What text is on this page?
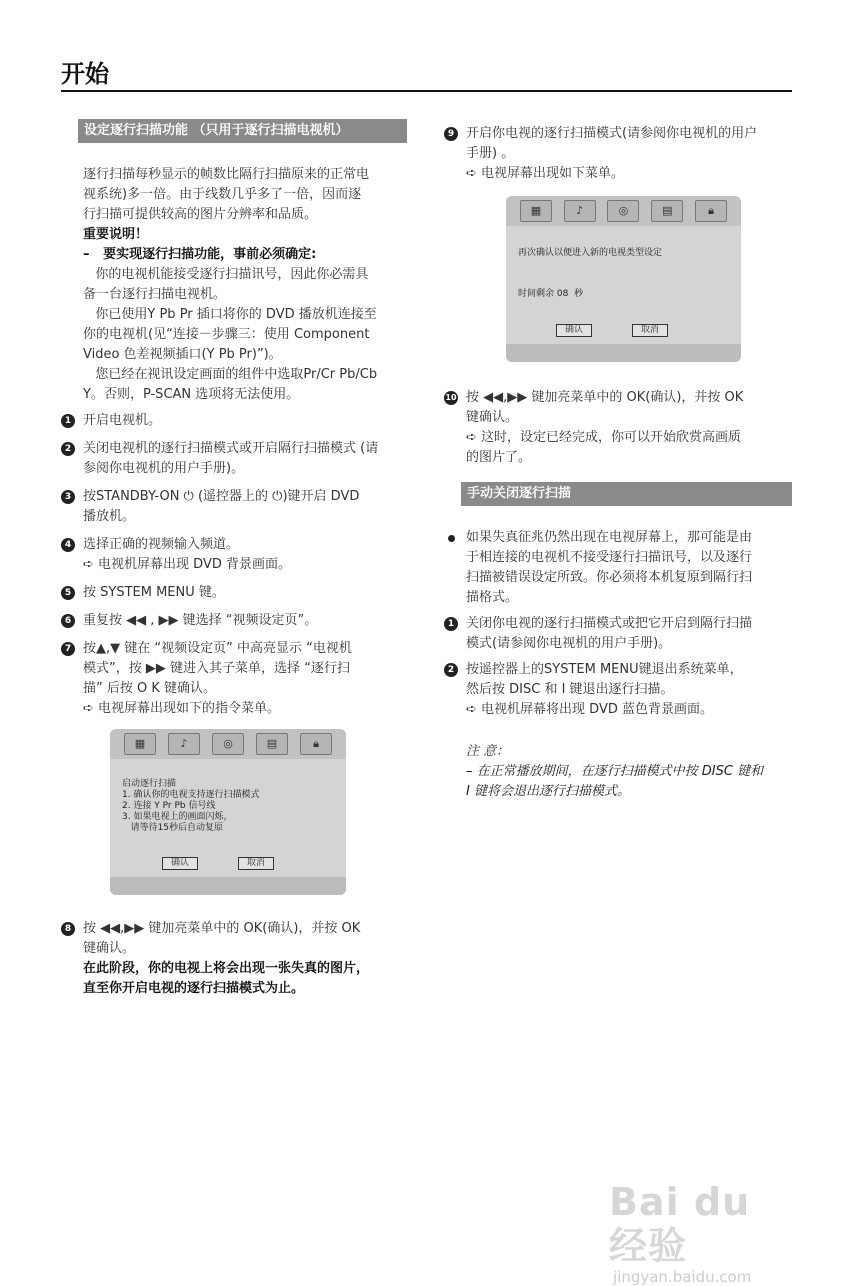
开始
设定逐行扫描功能 （只用于逐行扫描电视机）
逐行扫描每秒显示的帧数比隔行扫描原来的正常电
视系统)多一倍。由于线数几乎多了一倍，因而逐
行扫描可提供较高的图片分辨率和品质。
重要说明！
–   要实现逐行扫描功能，事前必须确定:
你的电视机能接受逐行扫描讯号，因此你必需具
备一台逐行扫描电视机。
你已使用Y Pb Pr 插口将你的 DVD 播放机连接至
你的电视机(见“连接－步骤三：使用 Component
Video 色差视频插口(Y Pb Pr)”)。
您已经在视讯设定画面的组件中选取Pr/Cr Pb/Cb
Y。否则，P-SCAN 选项将无法使用。
1 开启电视机。
2 关闭电视机的逐行扫描模式或开启隔行扫描模式 (请
参阅你电视机的用户手册)。
3 按STANDBY-ON ⏻ (遥控器上的 ⏻)键开启 DVD
播放机。
4 选择正确的视频输入频道。
➪ 电视机屏幕出现 DVD 背景画面。
5 按 SYSTEM MENU 键。
6 重复按 ◀◀ , ▶▶ 键选择 “视频设定页”。
7 按▲,▼ 键在 “视频设定页” 中高亮显示 “电视机
模式”，按 ▶▶ 键进入其子菜单，选择 “逐行扫
描” 后按 O K 键确认。
➪ 电视屏幕出现如下的指令菜单。
▦	♪	◎	▤	🔒︎
启动逐行扫描
1. 确认你的电视支持逐行扫描模式
2. 连接 Y Pr Pb 信号线
3. 如果电视上的画面闪烁，
请等待15秒后自动复原
确认	取消
8 按 ◀◀,▶▶ 键加亮菜单中的 OK(确认)，并按 OK
键确认。
在此阶段，你的电视上将会出现一张失真的图片，
直至你开启电视的逐行扫描模式为止。
9 开启你电视的逐行扫描模式(请参阅你电视机的用户
手册) 。
➪ 电视屏幕出现如下菜单。
▦	♪	◎	▤	🔒︎
再次确认以便进入新的电视类型设定
时间剩余 08  秒
确认	取消
10 按 ◀◀,▶▶ 键加亮菜单中的 OK(确认)，并按 OK
键确认。
➪ 这时，设定已经完成，你可以开始欣赏高画质
的图片了。
手动关闭逐行扫描
如果失真征兆仍然出现在电视屏幕上，那可能是由
于相连接的电视机不接受逐行扫描讯号，以及逐行
扫描被错误设定所致。你必须将本机复原到隔行扫
描格式。
1 关闭你电视的逐行扫描模式或把它开启到隔行扫描
模式(请参阅你电视机的用户手册)。
2 按遥控器上的SYSTEM MENU键退出系统菜单，
然后按 DISC 和 I 键退出逐行扫描。
➪ 电视机屏幕将出现 DVD 蓝色背景画面。
注 意：
– 在正常播放期间，在逐行扫描模式中按 DISC 键和
I 键将会退出逐行扫描模式。
Bai du 经验
jingyan.baidu.com
